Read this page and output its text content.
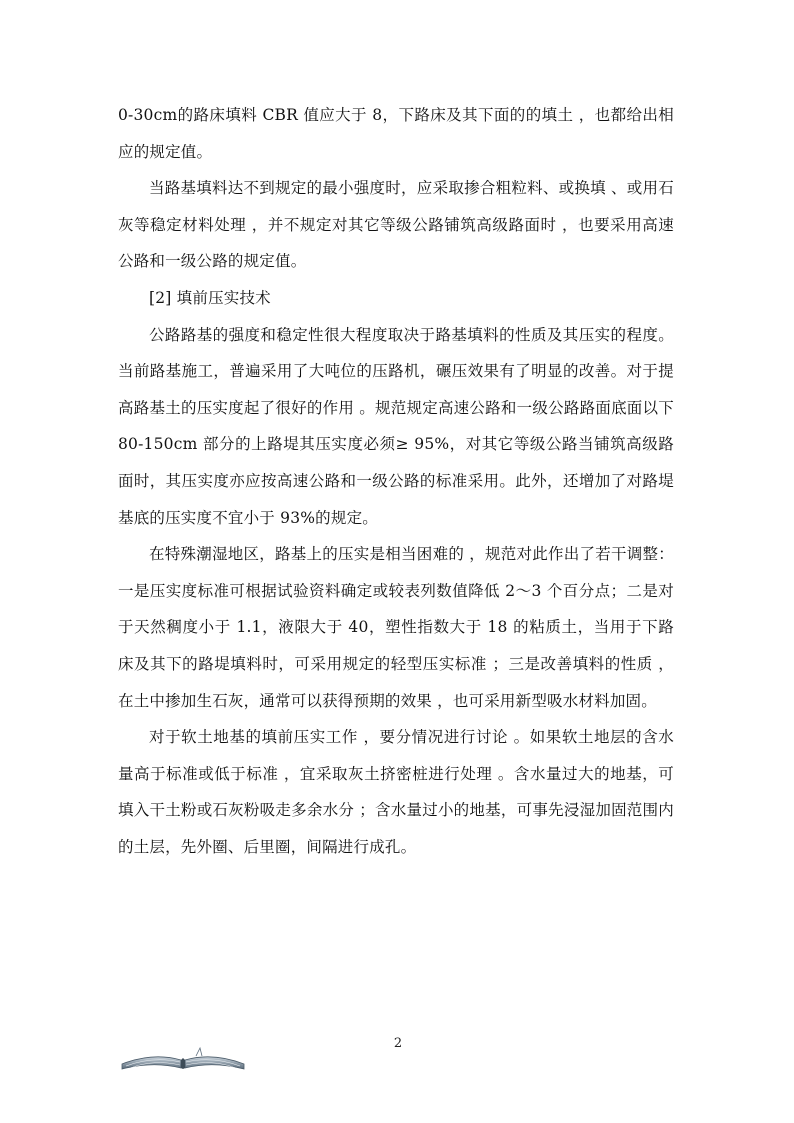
0-30cm的路床填料 CBR 值应大于 8，下路床及其下面的的填土 ，也都给出相应的规定值。

当路基填料达不到规定的最小强度时，应采取掺合粗粒料、或换填 、或用石灰等稳定材料处理 ，并不规定对其它等级公路铺筑高级路面时 ，也要采用高速公路和一级公路的规定值。

[2] 填前压实技术

公路路基的强度和稳定性很大程度取决于路基填料的性质及其压实的程度。当前路基施工，普遍采用了大吨位的压路机，碾压效果有了明显的改善。对于提高路基土的压实度起了很好的作用 。规范规定高速公路和一级公路路面底面以下 80-150cm 部分的上路堤其压实度必须≥ 95%，对其它等级公路当铺筑高级路面时，其压实度亦应按高速公路和一级公路的标准采用。此外，还增加了对路堤基底的压实度不宜小于 93%的规定。

在特殊潮湿地区，路基上的压实是相当困难的 ，规范对此作出了若干调整：一是压实度标准可根据试验资料确定或较表列数值降低 2～3 个百分点；二是对于天然稠度小于 1.1，液限大于 40，塑性指数大于 18 的粘质土，当用于下路床及其下的路堤填料时，可采用规定的轻型压实标准 ；三是改善填料的性质 ，在土中掺加生石灰，通常可以获得预期的效果 ，也可采用新型吸水材料加固。

对于软土地基的填前压实工作 ，要分情况进行讨论 。如果软土地层的含水量高于标准或低于标准 ，宜采取灰土挤密桩进行处理 。含水量过大的地基，可填入干土粉或石灰粉吸走多余水分 ；含水量过小的地基，可事先浸湿加固范围内的土层，先外圈、后里圈，间隔进行成孔。

2
